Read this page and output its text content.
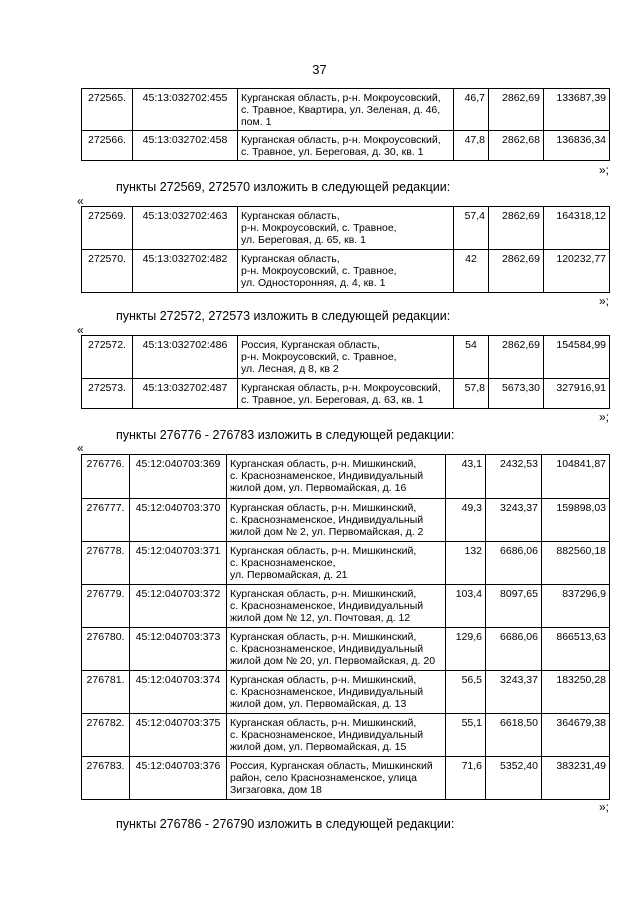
37
272565.	45:13:032702:455	Курганская область, р-н. Мокроусовский, с. Травное, Квартира, ул. Зеленая, д. 46, пом. 1	46,7	2862,69	133687,39
272566.	45:13:032702:458	Курганская область, р-н. Мокроусовский, с. Травное, ул. Береговая, д. 30, кв. 1	47,8	2862,68	136836,34
»;
пункты 272569, 272570 изложить в следующей редакции:
«
272569.	45:13:032702:463	Курганская область,
р-н. Мокроусовский, с. Травное,
ул. Береговая, д. 65, кв. 1	57,4	2862,69	164318,12
272570.	45:13:032702:482	Курганская область,
р-н. Мокроусовский, с. Травное,
ул. Односторонняя, д. 4, кв. 1	42	2862,69	120232,77
»;
пункты 272572, 272573 изложить в следующей редакции:
«
272572.	45:13:032702:486	Россия, Курганская область,
р-н. Мокроусовский, с. Травное,
ул. Лесная, д 8, кв 2	54	2862,69	154584,99
272573.	45:13:032702:487	Курганская область, р-н. Мокроусовский, с. Травное, ул. Береговая, д. 63, кв. 1	57,8	5673,30	327916,91
»;
пункты 276776 - 276783 изложить в следующей редакции:
«
276776.	45:12:040703:369	Курганская область, р-н. Мишкинский,
с. Краснознаменское, Индивидуальный
жилой дом, ул. Первомайская, д. 16	43,1	2432,53	104841,87
276777.	45:12:040703:370	Курганская область, р-н. Мишкинский,
с. Краснознаменское, Индивидуальный
жилой дом № 2, ул. Первомайская, д. 2	49,3	3243,37	159898,03
276778.	45:12:040703:371	Курганская область, р-н. Мишкинский,
с. Краснознаменское,
ул. Первомайская, д. 21	132	6686,06	882560,18
276779.	45:12:040703:372	Курганская область, р-н. Мишкинский,
с. Краснознаменское, Индивидуальный
жилой дом № 12, ул. Почтовая, д. 12	103,4	8097,65	837296,9
276780.	45:12:040703:373	Курганская область, р-н. Мишкинский,
с. Краснознаменское, Индивидуальный
жилой дом № 20, ул. Первомайская, д. 20	129,6	6686,06	866513,63
276781.	45:12:040703:374	Курганская область, р-н. Мишкинский,
с. Краснознаменское, Индивидуальный
жилой дом, ул. Первомайская, д. 13	56,5	3243,37	183250,28
276782.	45:12:040703:375	Курганская область, р-н. Мишкинский,
с. Краснознаменское, Индивидуальный
жилой дом, ул. Первомайская, д. 15	55,1	6618,50	364679,38
276783.	45:12:040703:376	Россия, Курганская область, Мишкинский
район, село Краснознаменское, улица
Зигзаговка, дом 18	71,6	5352,40	383231,49
»;
пункты 276786 - 276790 изложить в следующей редакции:
